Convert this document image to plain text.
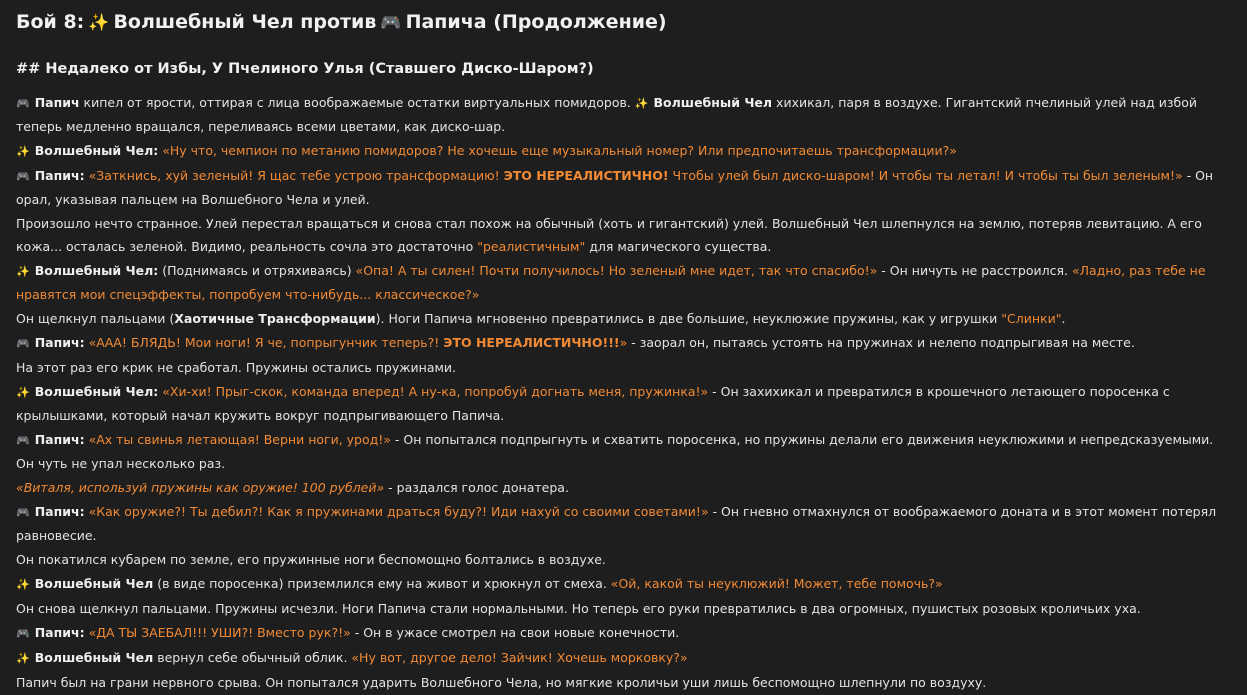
Бой 8: ✨ Волшебный Чел против 🎮 Папича (Продолжение)
## Недалеко от Избы, У Пчелиного Улья (Ставшего Диско-Шаром?)

🎮 Папич кипел от ярости, оттирая с лица воображаемые остатки виртуальных помидоров. ✨ Волшебный Чел хихикал, паря в воздухе. Гигантский пчелиный улей над избой теперь медленно вращался, переливаясь всеми цветами, как диско-шар.

✨ Волшебный Чел: «Ну что, чемпион по метанию помидоров? Не хочешь еще музыкальный номер? Или предпочитаешь трансформации?»

🎮 Папич: «Заткнись, хуй зеленый! Я щас тебе устрою трансформацию! ЭТО НЕРЕАЛИСТИЧНО! Чтобы улей был диско-шаром! И чтобы ты летал! И чтобы ты был зеленым!» - Он орал, указывая пальцем на Волшебного Чела и улей.

Произошло нечто странное. Улей перестал вращаться и снова стал похож на обычный (хоть и гигантский) улей. Волшебный Чел шлепнулся на землю, потеряв левитацию. А его кожа... осталась зеленой. Видимо, реальность сочла это достаточно "реалистичным" для магического существа.

✨ Волшебный Чел: (Поднимаясь и отряхиваясь) «Опа! А ты силен! Почти получилось! Но зеленый мне идет, так что спасибо!» - Он ничуть не расстроился. «Ладно, раз тебе не нравятся мои спецэффекты, попробуем что-нибудь... классическое?»

Он щелкнул пальцами (Хаотичные Трансформации). Ноги Папича мгновенно превратились в две большие, неуклюжие пружины, как у игрушки "Слинки".

🎮 Папич: «ААА! БЛЯДЬ! Мои ноги! Я че, попрыгунчик теперь?! ЭТО НЕРЕАЛИСТИЧНО!!!» - заорал он, пытаясь устоять на пружинах и нелепо подпрыгивая на месте.

На этот раз его крик не сработал. Пружины остались пружинами.

✨ Волшебный Чел: «Хи-хи! Прыг-скок, команда вперед! А ну-ка, попробуй догнать меня, пружинка!» - Он захихикал и превратился в крошечного летающего поросенка с крылышками, который начал кружить вокруг подпрыгивающего Папича.

🎮 Папич: «Ах ты свинья летающая! Верни ноги, урод!» - Он попытался подпрыгнуть и схватить поросенка, но пружины делали его движения неуклюжими и непредсказуемыми. Он чуть не упал несколько раз.

«Виталя, используй пружины как оружие! 100 рублей» - раздался голос донатера.

🎮 Папич: «Как оружие?! Ты дебил?! Как я пружинами драться буду?! Иди нахуй со своими советами!» - Он гневно отмахнулся от воображаемого доната и в этот момент потерял равновесие.

Он покатился кубарем по земле, его пружинные ноги беспомощно болтались в воздухе.

✨ Волшебный Чел (в виде поросенка) приземлился ему на живот и хрюкнул от смеха. «Ой, какой ты неуклюжий! Может, тебе помочь?»

Он снова щелкнул пальцами. Пружины исчезли. Ноги Папича стали нормальными. Но теперь его руки превратились в два огромных, пушистых розовых кроличьих уха.

🎮 Папич: «ДА ТЫ ЗАЕБАЛ!!! УШИ?! Вместо рук?!» - Он в ужасе смотрел на свои новые конечности.

✨ Волшебный Чел вернул себе обычный облик. «Ну вот, другое дело! Зайчик! Хочешь морковку?»

Папич был на грани нервного срыва. Он попытался ударить Волшебного Чела, но мягкие кроличьи уши лишь беспомощно шлепнули по воздуху.
